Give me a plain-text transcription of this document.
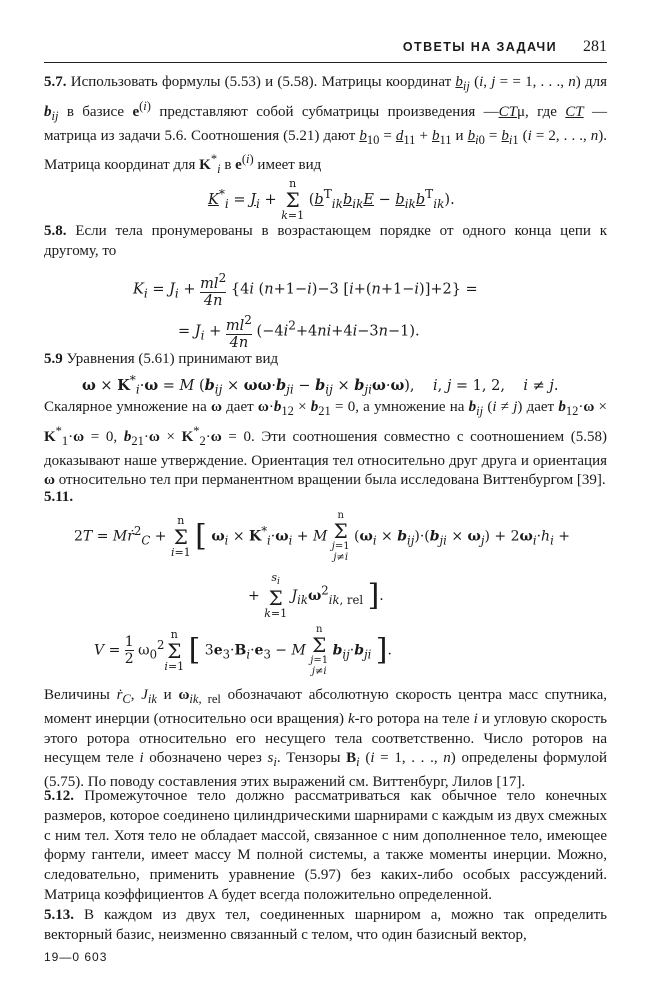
ОТВЕТЫ НА ЗАДАЧИ 281
5.7. Использовать формулы (5.53) и (5.58). Матрицы координат $b_{ij}$ (i, j = = 1, . . ., n) для $b_{ij}$ в базисе $e^{(i)}$ представляют собой субматрицы произведения —CTμ, где CT — матрица из задачи 5.6. Соотношения (5.21) дают $b_{10} = d_{11} + b_{11}$ и $b_{i0} = b_{i1}$ (i = 2, . . ., n). Матрица координат для $K^*_i$ в $e^{(i)}$ имеет вид
$K^*_i = J_i + n$
Σ
k=1 $(b^T_{ik}b_{ik}E - b_{ik}b^T_{ik})$.
5.8. Если тела пронумерованы в возрастающем порядке от одного конца цепи к другому, то
$K_i = J_i + ml^2$

4n
{4i (n+1−i)−3 [i+(n+1−i)]+2} =
= $J_i + ml^2$

4n
$(-4i^2+4ni+4i-3n-1)$.
5.9 Уравнения (5.61) принимают вид
$\omega \times K^*_i\cdot\omega = M$ $(b_{ij} \times \omega\omega\cdot b_{ji} - b_{ij} \times b_{ji}\omega\cdot\omega)$,    i, j = 1, 2,    i ≠ j.
Скалярное умножение на ω дает $\omega\cdot b_{12} \times b_{21} = 0$, а умножение на $b_{ij}$ (i ≠ j) дает $b_{12}\cdot\omega \times K^*_1\cdot\omega = 0$, $b_{21}\cdot\omega \times K^*_2\cdot\omega = 0$. Эти соотношения совместно с соотношением (5.58) доказывают наше утверждение. Ориентация тел относительно друг друга и ориентация ω относительно тел при перманентном вращении была исследована Виттенбургом [39].
5.11.
2T = Mṙ$^2_C$ + n
Σ
i=1 [ $\omega_i \times K^*_i\cdot\omega_i + M$ n
Σ
j=1
j≠i $(\omega_i \times b_{ij})\cdot(b_{ji} \times \omega_j) + 2\omega_i\cdot h_i$ +
+ $s_i$
Σ
k=1 $J_{ik}\omega^2_{ik, rel}$ ].
V = 1

2
$\omega_0^2n$
Σ
i=1 [ $3e_3\cdot B_i\cdot e_3 - M$ n
Σ
j=1
j≠i $b_{ij}\cdot b_{ji}$ ].
Величины ṙ$_C$, $J_{ik}$ и $\omega_{ik, rel}$ обозначают абсолютную скорость центра масс спутника, момент инерции (относительно оси вращения) k-го ротора на теле i и угловую скорость этого ротора относительно его несущего тела соответственно. Число роторов на несущем теле i обозначено через $s_i$. Тензоры $B_i$ (i = 1, . . ., n) определены формулой (5.75). По поводу составления этих выражений см. Виттенбург, Лилов [17].
5.12. Промежуточное тело должно рассматриваться как обычное тело конечных размеров, которое соединено цилиндрическими шарнирами с каждым из двух смежных с ним тел. Хотя тело не обладает массой, связанное с ним дополненное тело, имеющее форму гантели, имеет массу M полной системы, а также моменты инерции. Можно, следовательно, применить уравнение (5.97) без каких-либо особых рассуждений. Матрица коэффициентов A будет всегда положительно определенной.
5.13. В каждом из двух тел, соединенных шарниром a, можно так определить векторный базис, неизменно связанный с телом, что один базисный вектор,
19—0 603
